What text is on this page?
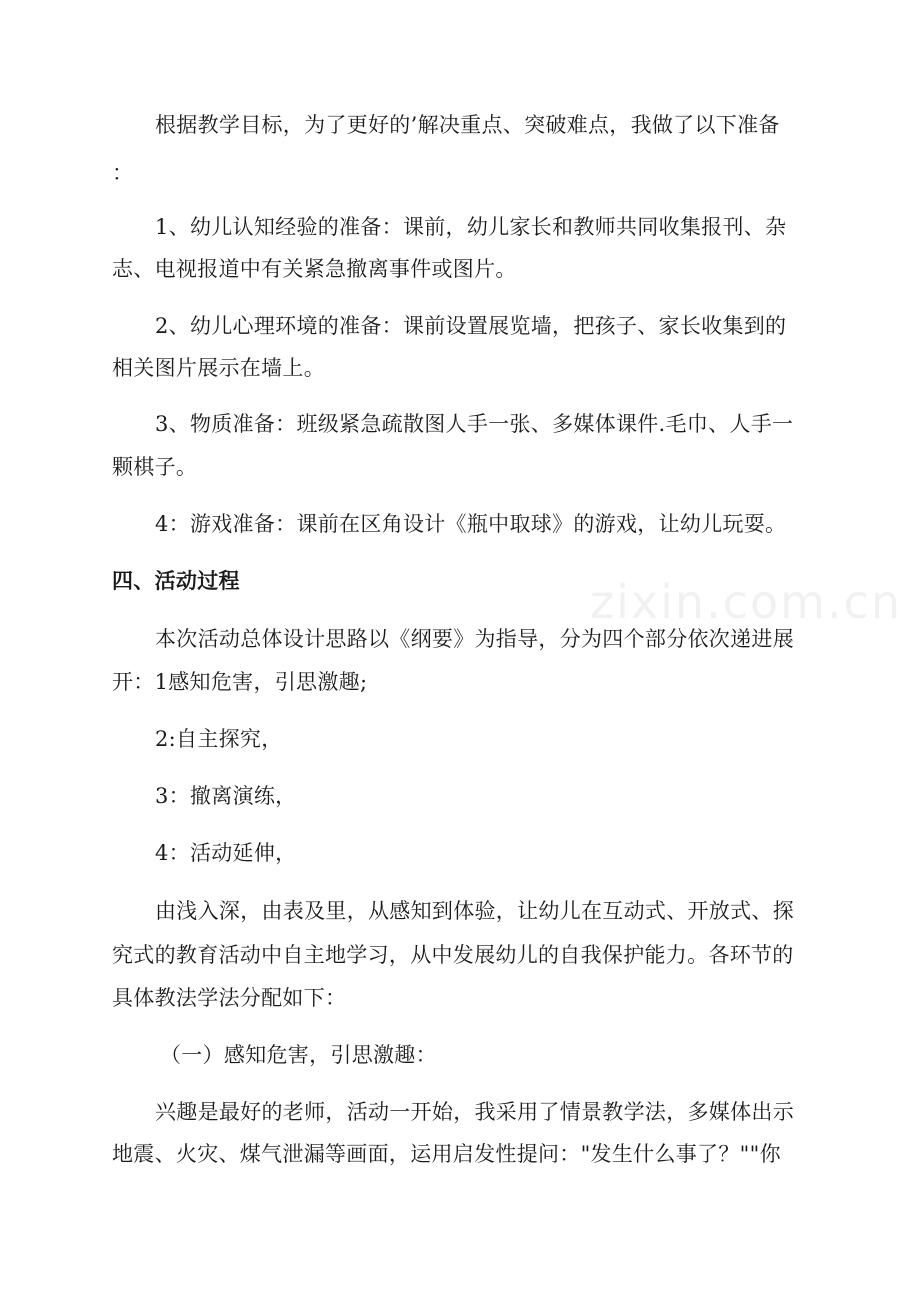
zixin.com.cn
根据教学目标，为了更好的’解决重点、突破难点，我做了以下准备
：
1、幼儿认知经验的准备：课前，幼儿家长和教师共同收集报刊、杂
志、电视报道中有关紧急撤离事件或图片。
2、幼儿心理环境的准备：课前设置展览墙，把孩子、家长收集到的
相关图片展示在墙上。
3、物质准备：班级紧急疏散图人手一张、多媒体课件.毛巾、人手一
颗棋子。
4：游戏准备：课前在区角设计《瓶中取球》的游戏，让幼儿玩耍。
四、活动过程
本次活动总体设计思路以《纲要》为指导，分为四个部分依次递进展
开：1感知危害，引思激趣;
2:自主探究，
3：撤离演练，
4：活动延伸，
由浅入深，由表及里，从感知到体验，让幼儿在互动式、开放式、探
究式的教育活动中自主地学习，从中发展幼儿的自我保护能力。各环节的
具体教法学法分配如下：
（一）感知危害，引思激趣：
兴趣是最好的老师，活动一开始，我采用了情景教学法，多媒体出示
地震、火灾、煤气泄漏等画面，运用启发性提问："发生什么事了？""你
